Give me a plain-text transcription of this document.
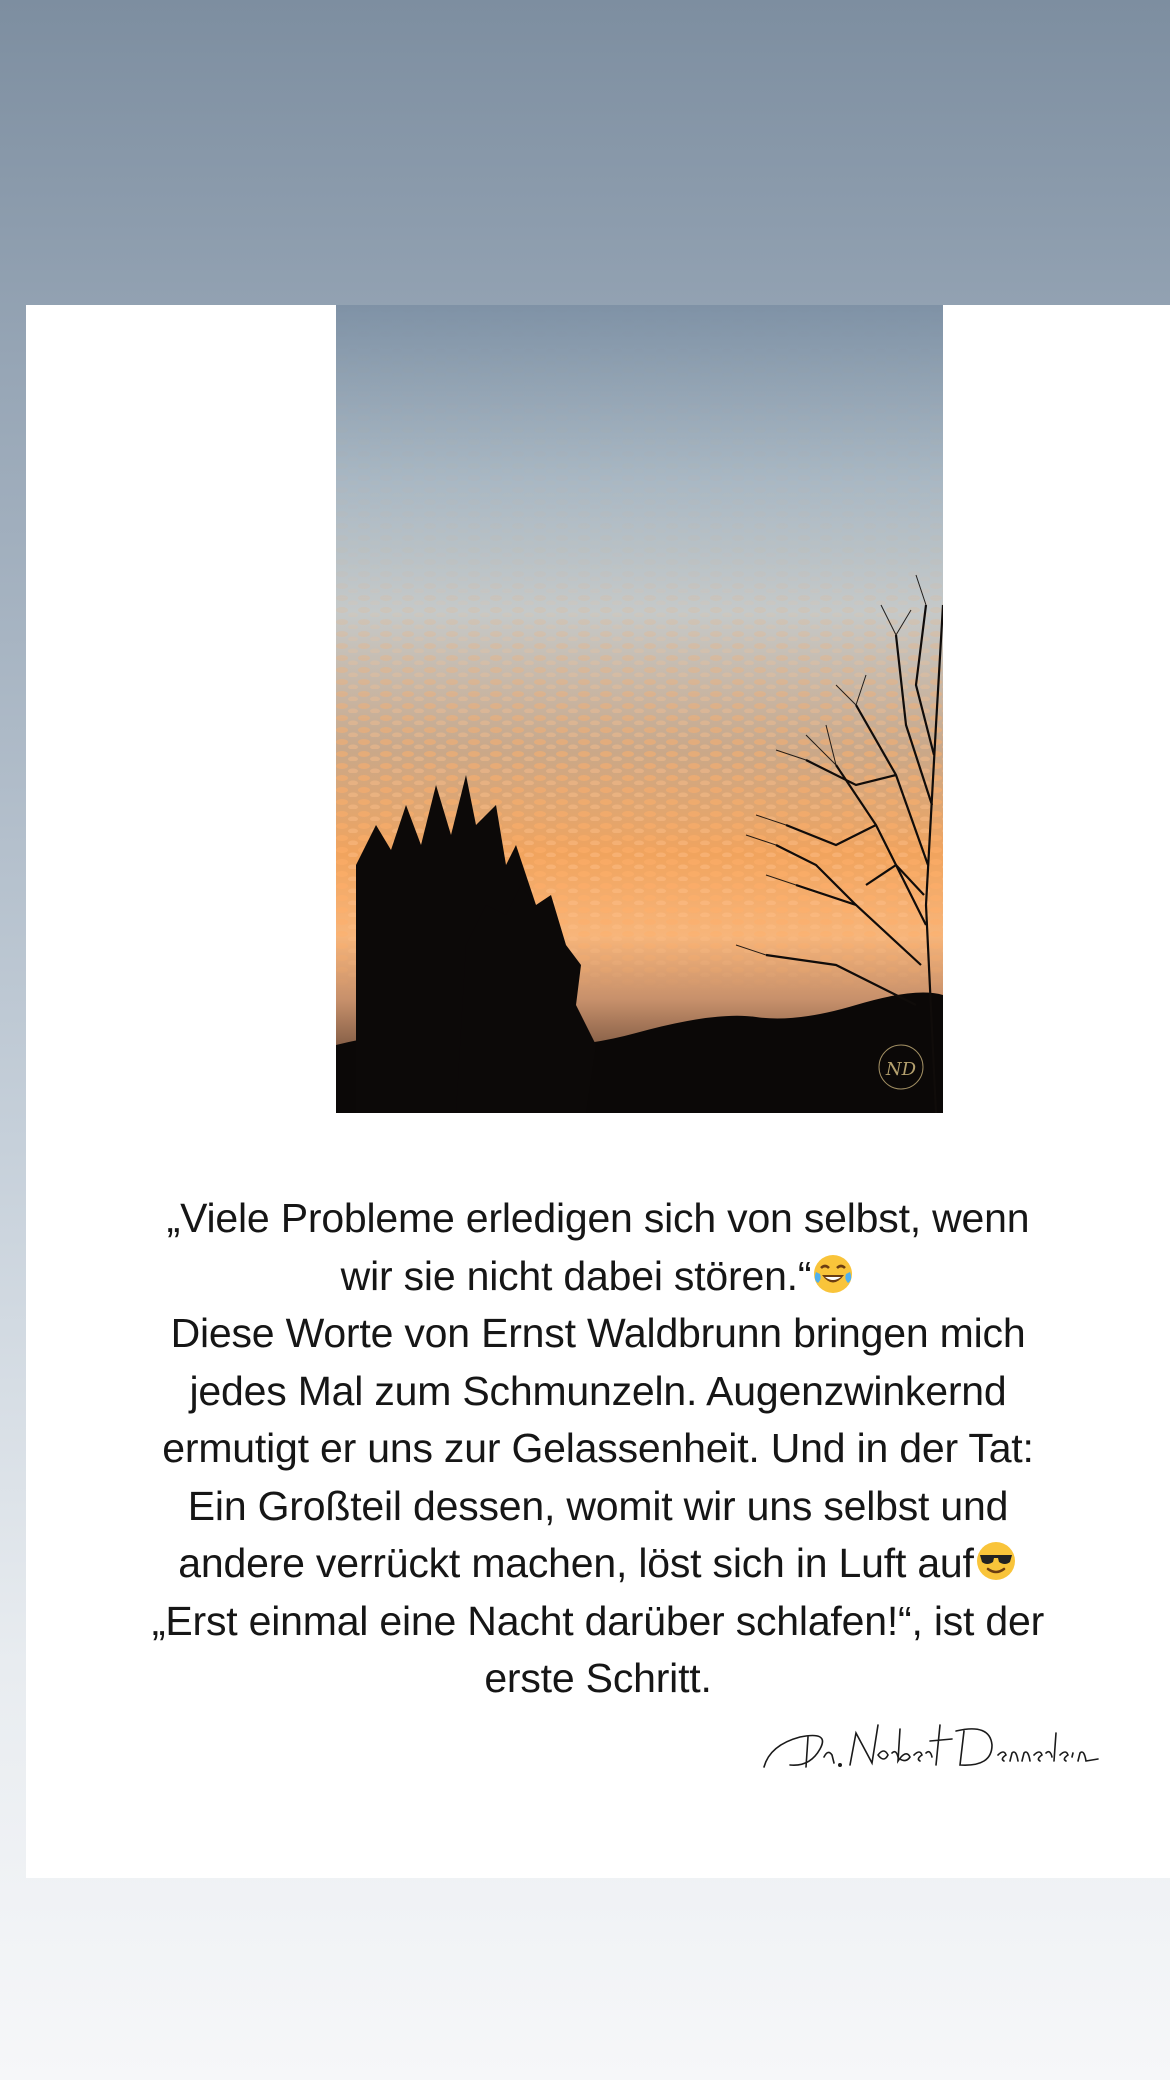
ND
„Viele Probleme erledigen sich von selbst, wenn
wir sie nicht dabei stören.“
Diese Worte von Ernst Waldbrunn bringen mich
jedes Mal zum Schmunzeln. Augenzwinkernd
ermutigt er uns zur Gelassenheit. Und in der Tat:
Ein Großteil dessen, womit wir uns selbst und
andere verrückt machen, löst sich in Luft auf
„Erst einmal eine Nacht darüber schlafen!“, ist der
erste Schritt.
